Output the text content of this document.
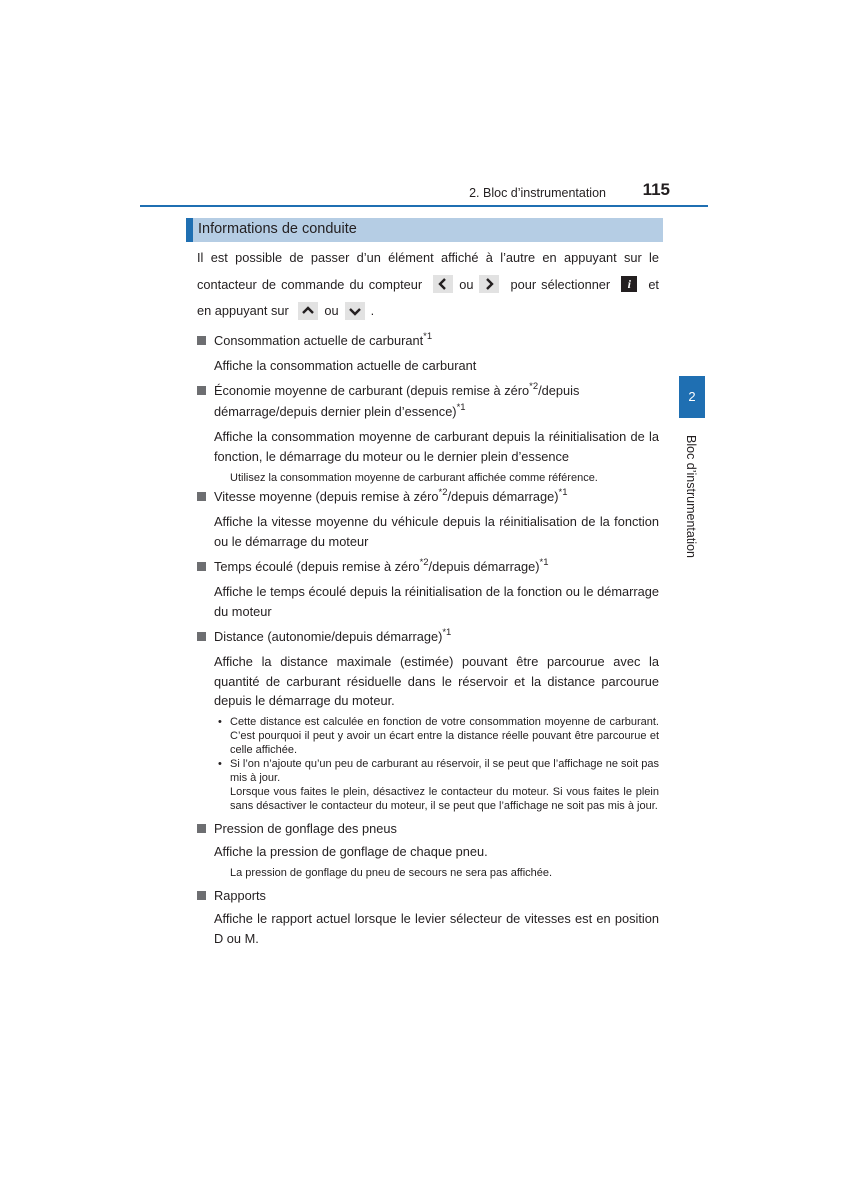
2. Bloc d’instrumentation	115
2
Bloc d’instrumentation
Informations de conduite

Il est possible de passer d’un élément affiché à l’autre en appuyant sur le contacteur de commande du compteur	ou	pour sélectionner i et en appuyant sur	ou	.

Consommation actuelle de carburant$^{*1}$
Affiche la consommation actuelle de carburant
Économie moyenne de carburant (depuis remise à zéro$^{*2}$/depuis démarrage/depuis dernier plein d’essence)$^{*1}$
Affiche la consommation moyenne de carburant depuis la réinitialisation de la fonction, le démarrage du moteur ou le dernier plein d’essence
Utilisez la consommation moyenne de carburant affichée comme référence.
Vitesse moyenne (depuis remise à zéro$^{*2}$/depuis démarrage)$^{*1}$
Affiche la vitesse moyenne du véhicule depuis la réinitialisation de la fonction ou le démarrage du moteur
Temps écoulé (depuis remise à zéro$^{*2}$/depuis démarrage)$^{*1}$
Affiche le temps écoulé depuis la réinitialisation de la fonction ou le démarrage du moteur
Distance (autonomie/depuis démarrage)$^{*1}$
Affiche la distance maximale (estimée) pouvant être parcourue avec la quantité de carburant résiduelle dans le réservoir et la distance parcourue depuis le démarrage du moteur.
• Cette distance est calculée en fonction de votre consommation moyenne de carburant. C’est pourquoi il peut y avoir un écart entre la distance réelle pouvant être parcourue et celle affichée.

• Si l’on n’ajoute qu’un peu de carburant au réservoir, il se peut que l’affichage ne soit pas mis à jour.

Lorsque vous faites le plein, désactivez le contacteur du moteur. Si vous faites le plein sans désactiver le contacteur du moteur, il se peut que l’affichage ne soit pas mis à jour.

Pression de gonflage des pneus
Affiche la pression de gonflage de chaque pneu.
La pression de gonflage du pneu de secours ne sera pas affichée.
Rapports
Affiche le rapport actuel lorsque le levier sélecteur de vitesses est en position D ou M.
